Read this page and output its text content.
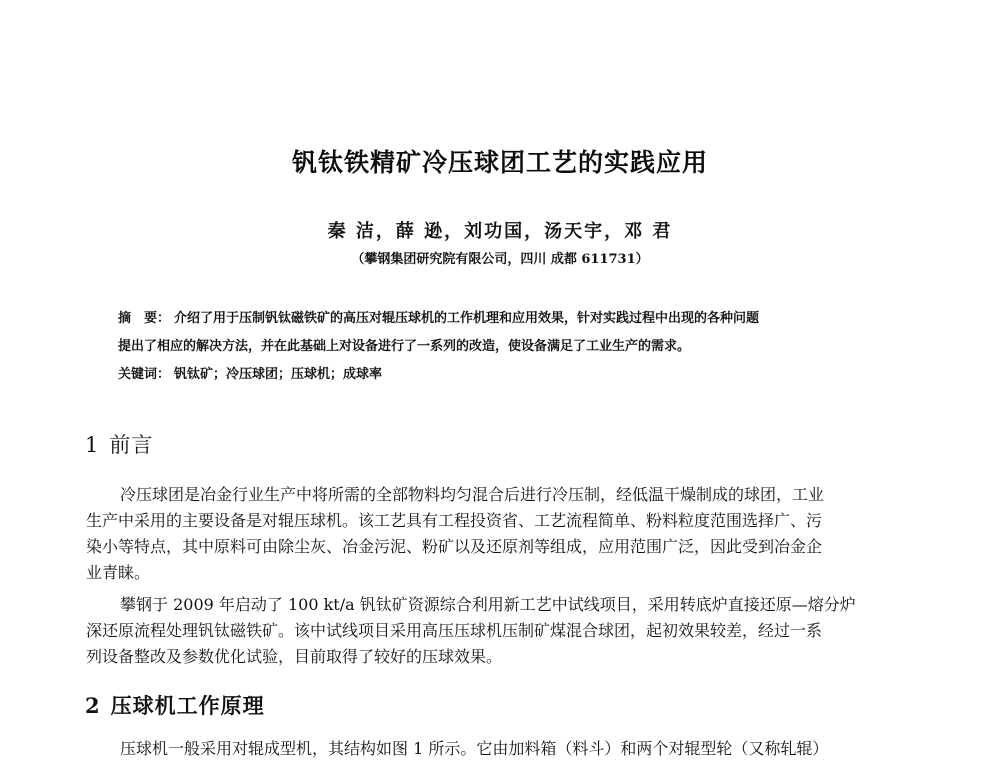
钒钛铁精矿冷压球团工艺的实践应用
秦 洁，薛 逊，刘功国，汤天宇，邓 君
（攀钢集团研究院有限公司，四川 成都 611731）
摘　要： 介绍了用于压制钒钛磁铁矿的高压对辊压球机的工作机理和应用效果，针对实践过程中出现的各种问题
提出了相应的解决方法，并在此基础上对设备进行了一系列的改造，使设备满足了工业生产的需求。
关键词： 钒钛矿；冷压球团；压球机；成球率
1 前言
冷压球团是冶金行业生产中将所需的全部物料均匀混合后进行冷压制，经低温干燥制成的球团，工业
生产中采用的主要设备是对辊压球机。该工艺具有工程投资省、工艺流程简单、粉料粒度范围选择广、污
染小等特点，其中原料可由除尘灰、冶金污泥、粉矿以及还原剂等组成，应用范围广泛，因此受到冶金企
业青睐。
攀钢于 2009 年启动了 100 kt/a 钒钛矿资源综合利用新工艺中试线项目，采用转底炉直接还原—熔分炉
深还原流程处理钒钛磁铁矿。该中试线项目采用高压压球机压制矿煤混合球团，起初效果较差，经过一系
列设备整改及参数优化试验，目前取得了较好的压球效果。
2 压球机工作原理
压球机一般采用对辊成型机，其结构如图 1 所示。它由加料箱（料斗）和两个对辊型轮（又称轧辊）
